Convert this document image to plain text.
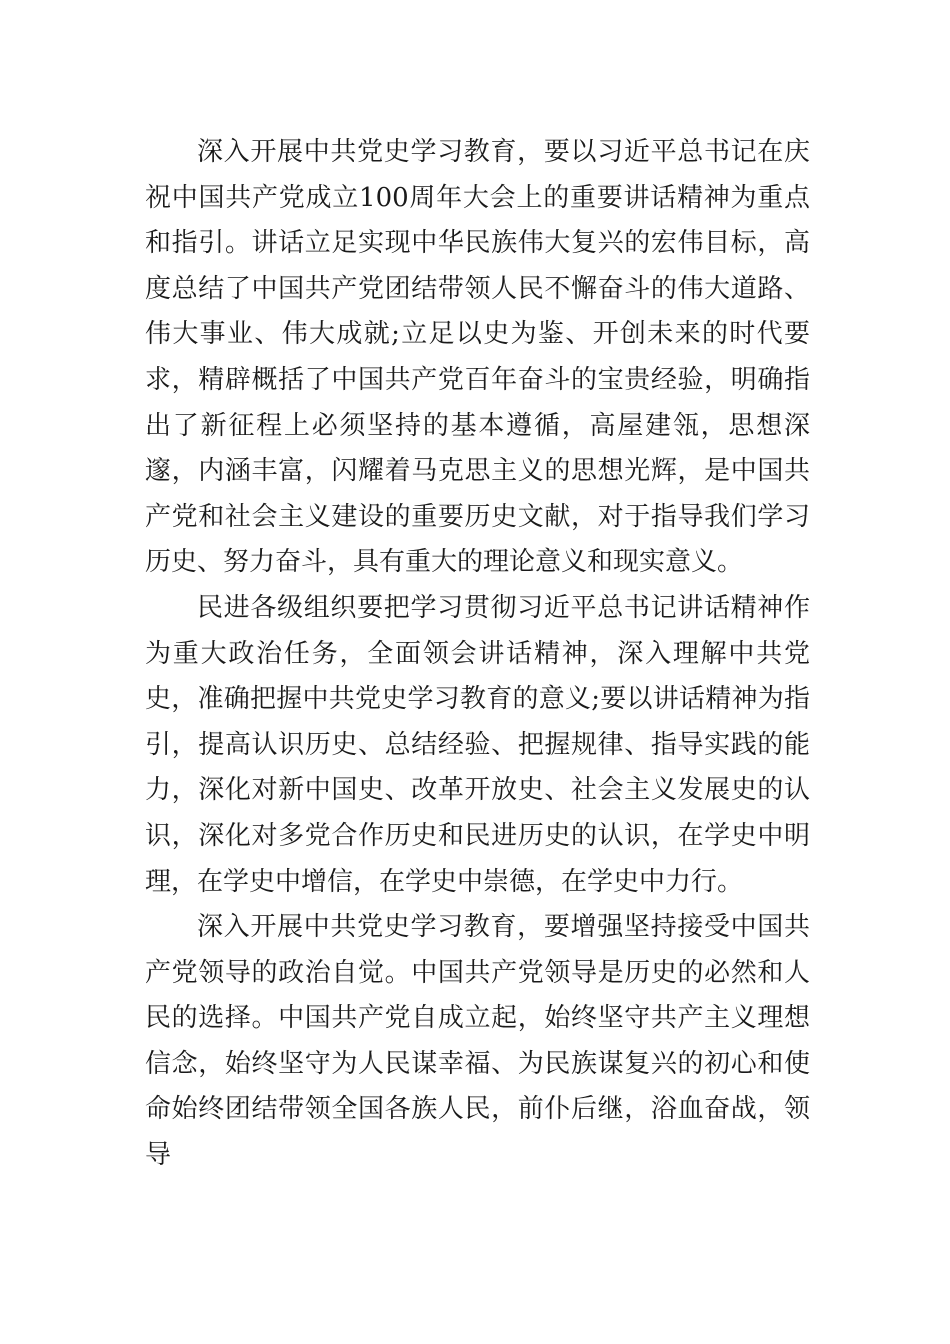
深入开展中共党史学习教育，要以习近平总书记在庆祝中国共产党成立100周年大会上的重要讲话精神为重点和指引。讲话立足实现中华民族伟大复兴的宏伟目标，高度总结了中国共产党团结带领人民不懈奋斗的伟大道路、伟大事业、伟大成就;立足以史为鉴、开创未来的时代要求，精辟概括了中国共产党百年奋斗的宝贵经验，明确指出了新征程上必须坚持的基本遵循，高屋建瓴，思想深邃，内涵丰富，闪耀着马克思主义的思想光辉，是中国共产党和社会主义建设的重要历史文献，对于指导我们学习历史、努力奋斗，具有重大的理论意义和现实意义。

民进各级组织要把学习贯彻习近平总书记讲话精神作为重大政治任务，全面领会讲话精神，深入理解中共党史，准确把握中共党史学习教育的意义;要以讲话精神为指引，提高认识历史、总结经验、把握规律、指导实践的能力，深化对新中国史、改革开放史、社会主义发展史的认识，深化对多党合作历史和民进历史的认识，在学史中明理，在学史中增信，在学史中崇德，在学史中力行。

深入开展中共党史学习教育，要增强坚持接受中国共产党领导的政治自觉。中国共产党领导是历史的必然和人民的选择。中国共产党自成立起，始终坚守共产主义理想信念，始终坚守为人民谋幸福、为民族谋复兴的初心和使命始终团结带领全国各族人民，前仆后继，浴血奋战，领导
